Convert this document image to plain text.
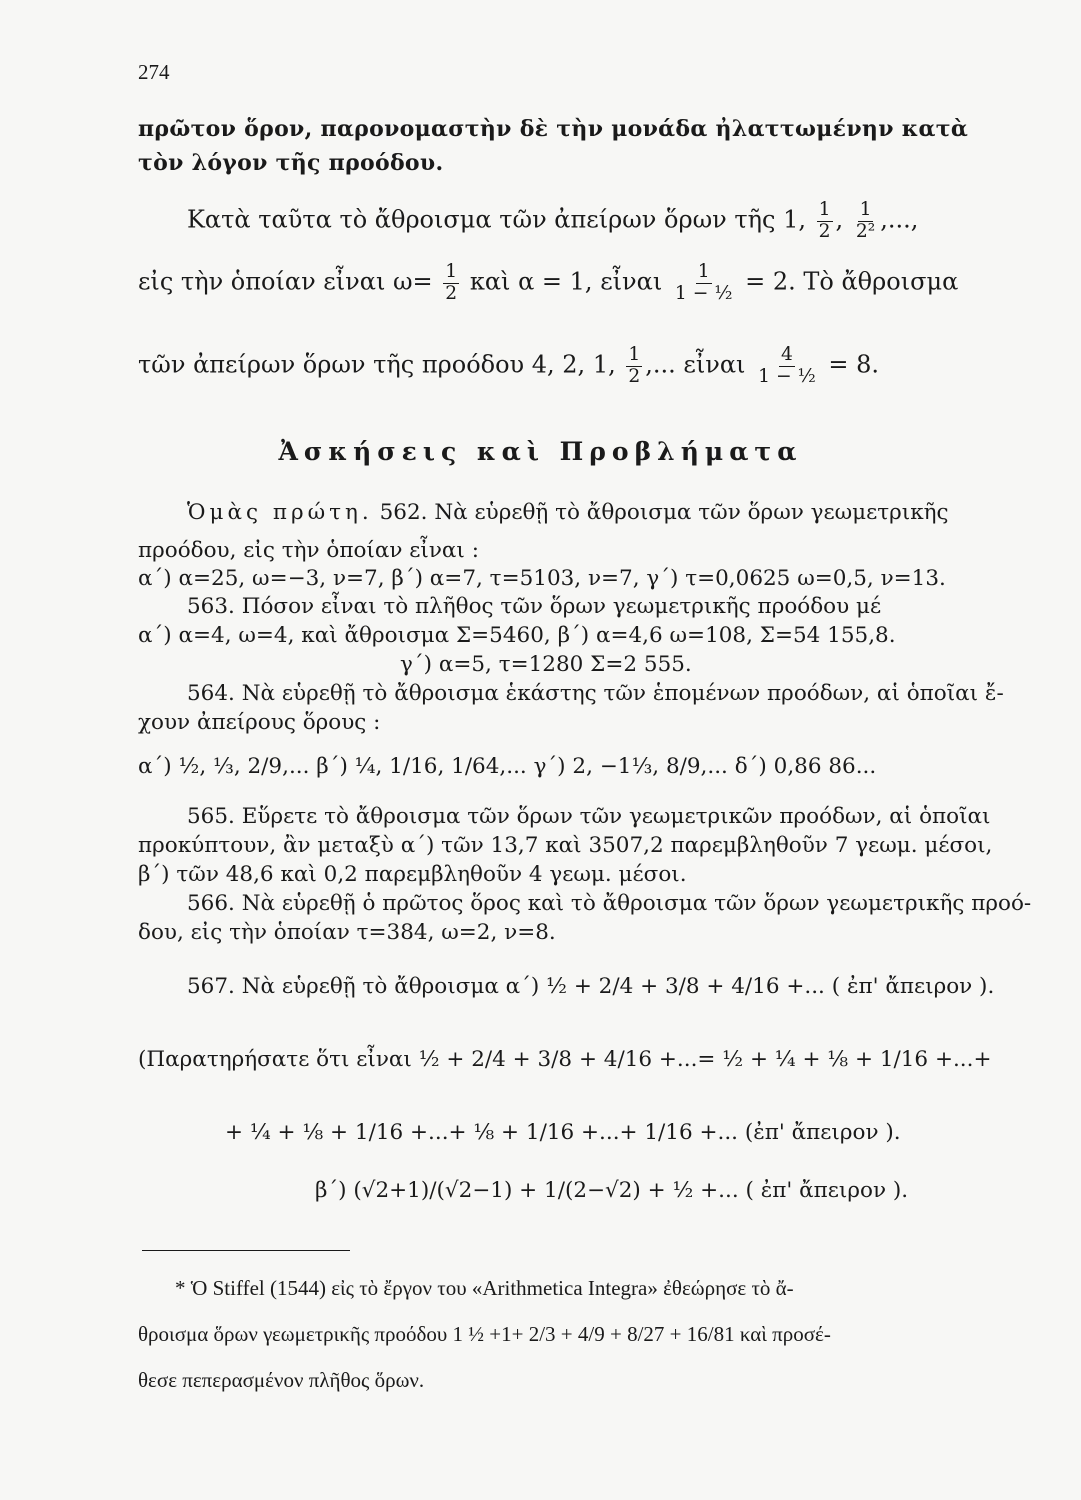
274
πρῶτον ὅρον, παρονομαστὴν δὲ τὴν μονάδα ἠλαττωμένην κατὰ τὸν λόγον τῆς προόδου.
Κατὰ ταῦτα τὸ ἄθροισμα τῶν ἀπείρων ὅρων τῆς 1, $\frac{1}{2}$ , $\frac{1}{\text{2²}}$ ,...,
εἰς τὴν ὁποίαν εἶναι $\omega= \frac{1}{2}$ καὶ α = 1, εἶναι $\frac{1}{\text{1 − ½}} = 2$. Τὸ ἄθροισμα
τῶν ἀπείρων ὅρων τῆς προόδου 4, 2, 1, $\frac{1}{2}$ ,... εἶναι $\frac{4}{\text{1 − ½}} = 8$.
Ἀσκήσεις καὶ Προβλήματα
Ὁμὰς πρώτη. 562. Νὰ εὑρεθῇ τὸ ἄθροισμα τῶν ὅρων γεωμετρικῆς
προόδου, εἰς τὴν ὁποίαν εἶναι :
α΄) α=25, ω=−3, ν=7, β΄) α=7, τ=5103, ν=7, γ΄) τ=0,0625 ω=0,5, ν=13.
563. Πόσον εἶναι τὸ πλῆθος τῶν ὅρων γεωμετρικῆς προόδου μέ
α΄) α=4, ω=4, καὶ ἄθροισμα Σ=5460, β΄) α=4,6 ω=108, Σ=54 155,8.
γ΄) α=5, τ=1280 Σ=2 555.
564. Νὰ εὑρεθῇ τὸ ἄθροισμα ἑκάστης τῶν ἑπομένων προόδων, αἱ ὁποῖαι ἔ-
χουν ἀπείρους ὅρους :
α΄) ½, ⅓, 2/9,... β΄) ¼, 1/16, 1/64,... γ΄) 2, −1⅓, 8/9,... δ΄) 0,86 86...
565. Εὕρετε τὸ ἄθροισμα τῶν ὅρων τῶν γεωμετρικῶν προόδων, αἱ ὁποῖαι
προκύπτουν, ἂν μεταξὺ α΄) τῶν 13,7 καὶ 3507,2 παρεμβληθοῦν 7 γεωμ. μέσοι,
β΄) τῶν 48,6 καὶ 0,2 παρεμβληθοῦν 4 γεωμ. μέσοι.
566. Νὰ εὑρεθῇ ὁ πρῶτος ὅρος καὶ τὸ ἄθροισμα τῶν ὅρων γεωμετρικῆς προό-
δου, εἰς τὴν ὁποίαν τ=384, ω=2, ν=8.
567. Νὰ εὑρεθῇ τὸ ἄθροισμα α΄) ½ + 2/4 + 3/8 + 4/16 +... ( ἐπ' ἄπειρον ).
(Παρατηρήσατε ὅτι εἶναι ½ + 2/4 + 3/8 + 4/16 +...= ½ + ¼ + ⅛ + 1/16 +...+
+ ¼ + ⅛ + 1/16 +...+ ⅛ + 1/16 +...+ 1/16 +... (ἐπ' ἄπειρον ).
β΄) (√2+1)/(√2−1) + 1/(2−√2) + ½ +... ( ἐπ' ἄπειρον ).
* Ὁ Stiffel (1544) εἰς τὸ ἔργον του «Arithmetica Integra» ἐθεώρησε τὸ ἄ-
θροισμα ὅρων γεωμετρικῆς προόδου 1 ½ +1+ 2/3 + 4/9 + 8/27 + 16/81 καὶ προσέ-
θεσε πεπερασμένον πλῆθος ὅρων.
